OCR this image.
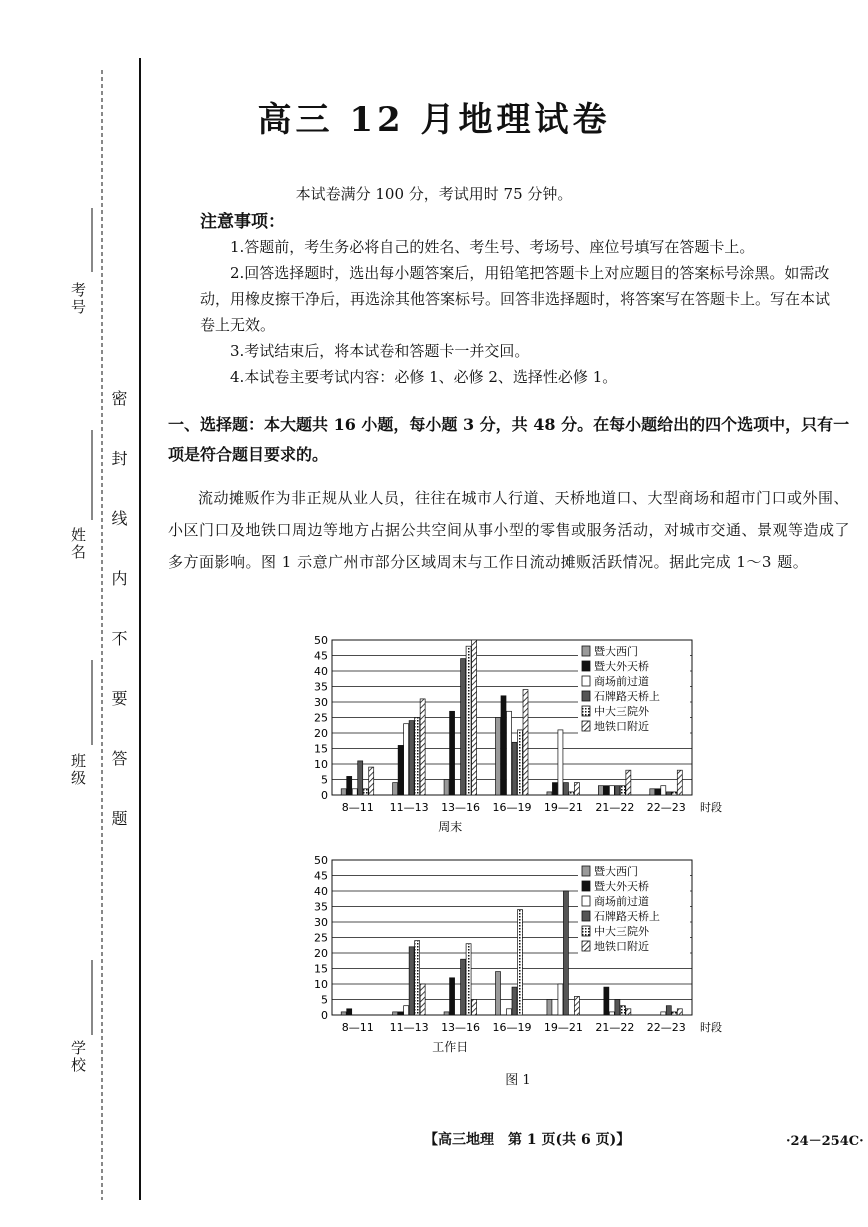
考号
姓名
班级
学校
密　封　线　内　不　要　答　题
高三 12 月地理试卷
本试卷满分 100 分，考试用时 75 分钟。
注意事项：
1.答题前，考生务必将自己的姓名、考生号、考场号、座位号填写在答题卡上。
2.回答选择题时，选出每小题答案后，用铅笔把答题卡上对应题目的答案标号涂黑。如需改动，用橡皮擦干净后，再选涂其他答案标号。回答非选择题时，将答案写在答题卡上。写在本试卷上无效。
3.考试结束后，将本试卷和答题卡一并交回。
4.本试卷主要考试内容：必修 1、必修 2、选择性必修 1。
一、选择题：本大题共 16 小题，每小题 3 分，共 48 分。在每小题给出的四个选项中，只有一项是符合题目要求的。
流动摊贩作为非正规从业人员，往往在城市人行道、天桥地道口、大型商场和超市门口或外围、小区门口及地铁口周边等地方占据公共空间从事小型的零售或服务活动，对城市交通、景观等造成了多方面影响。图 1 示意广州市部分区域周末与工作日流动摊贩活跃情况。据此完成 1～3 题。
0
5
10
15
20
25
30
35
40
45
50
8—11 11—13 13—16 16—19 19—21 21—22 22—23 时段
周末
暨大西门
暨大外天桥
商场前过道
石牌路天桥上
中大三院外
地铁口附近
0
5
10
15
20
25
30
35
40
45
50
8—11 11—13 13—16 16—19 19—21 21—22 22—23 时段
工作日
暨大西门
暨大外天桥
商场前过道
石牌路天桥上
中大三院外
地铁口附近
图 1
【高三地理　第 1 页(共 6 页)】	·24－254C·
